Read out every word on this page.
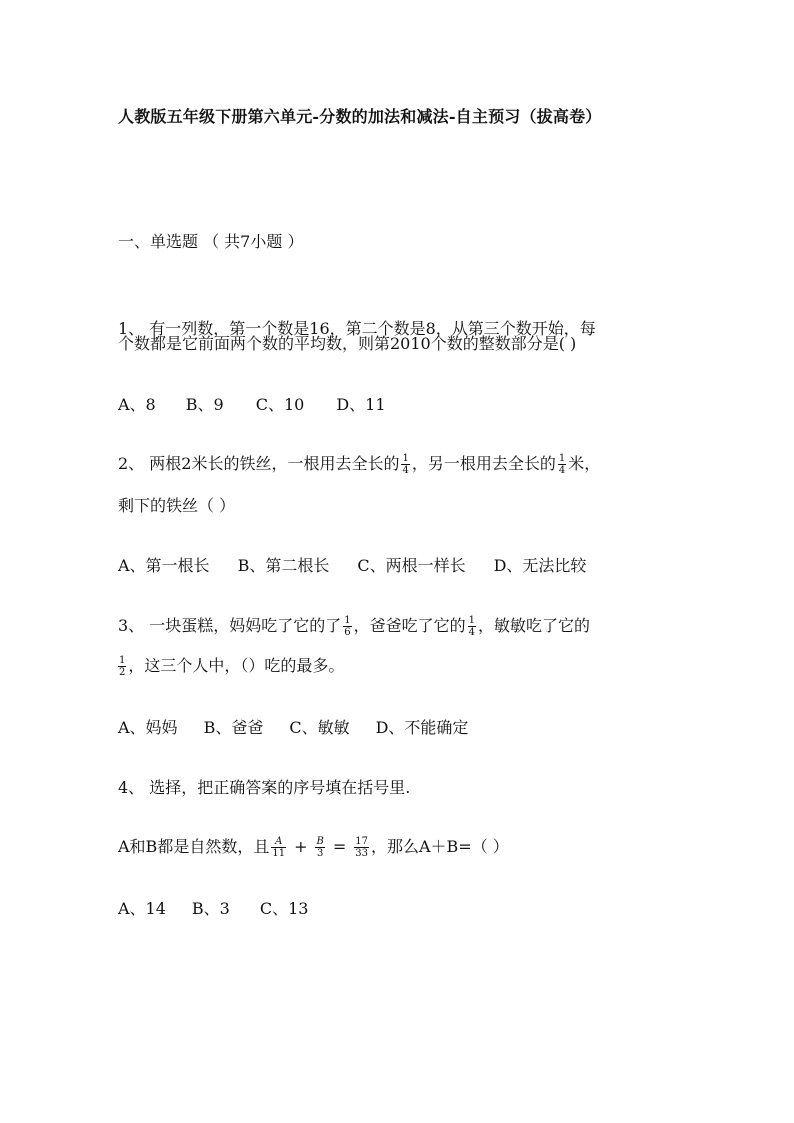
人教版五年级下册第六单元-分数的加法和减法-自主预习（拔高卷）
一、单选题 （ 共7小题 ）
1、 有一列数，第一个数是16，第二个数是8，从第三个数开始，每
个数都是它前面两个数的平均数，则第2010个数的整数部分是( )
A、8 B、9 C、10 D、11
2、 两根2米长的铁丝，一根用去全长的 $\frac{1}{4}$ ，另一根用去全长的 $\frac{1}{4}$ 米，
剩下的铁丝（ ）
A、第一根长 B、第二根长 C、两根一样长 D、无法比较
3、 一块蛋糕，妈妈吃了它的了 $\frac{1}{6}$ ，爸爸吃了它的 $\frac{1}{4}$ ，敏敏吃了它的
$\frac{1}{2}$ ，这三个人中，（）吃的最多。
A、妈妈 B、爸爸 C、敏敏 D、不能确定
4、 选择，把正确答案的序号填在括号里.
A和B都是自然数，且 $\frac{A}{11} + \frac{B}{3} = \frac{17}{33}$ ，那么A＋B=（ ）
A、14 B、3 C、13
